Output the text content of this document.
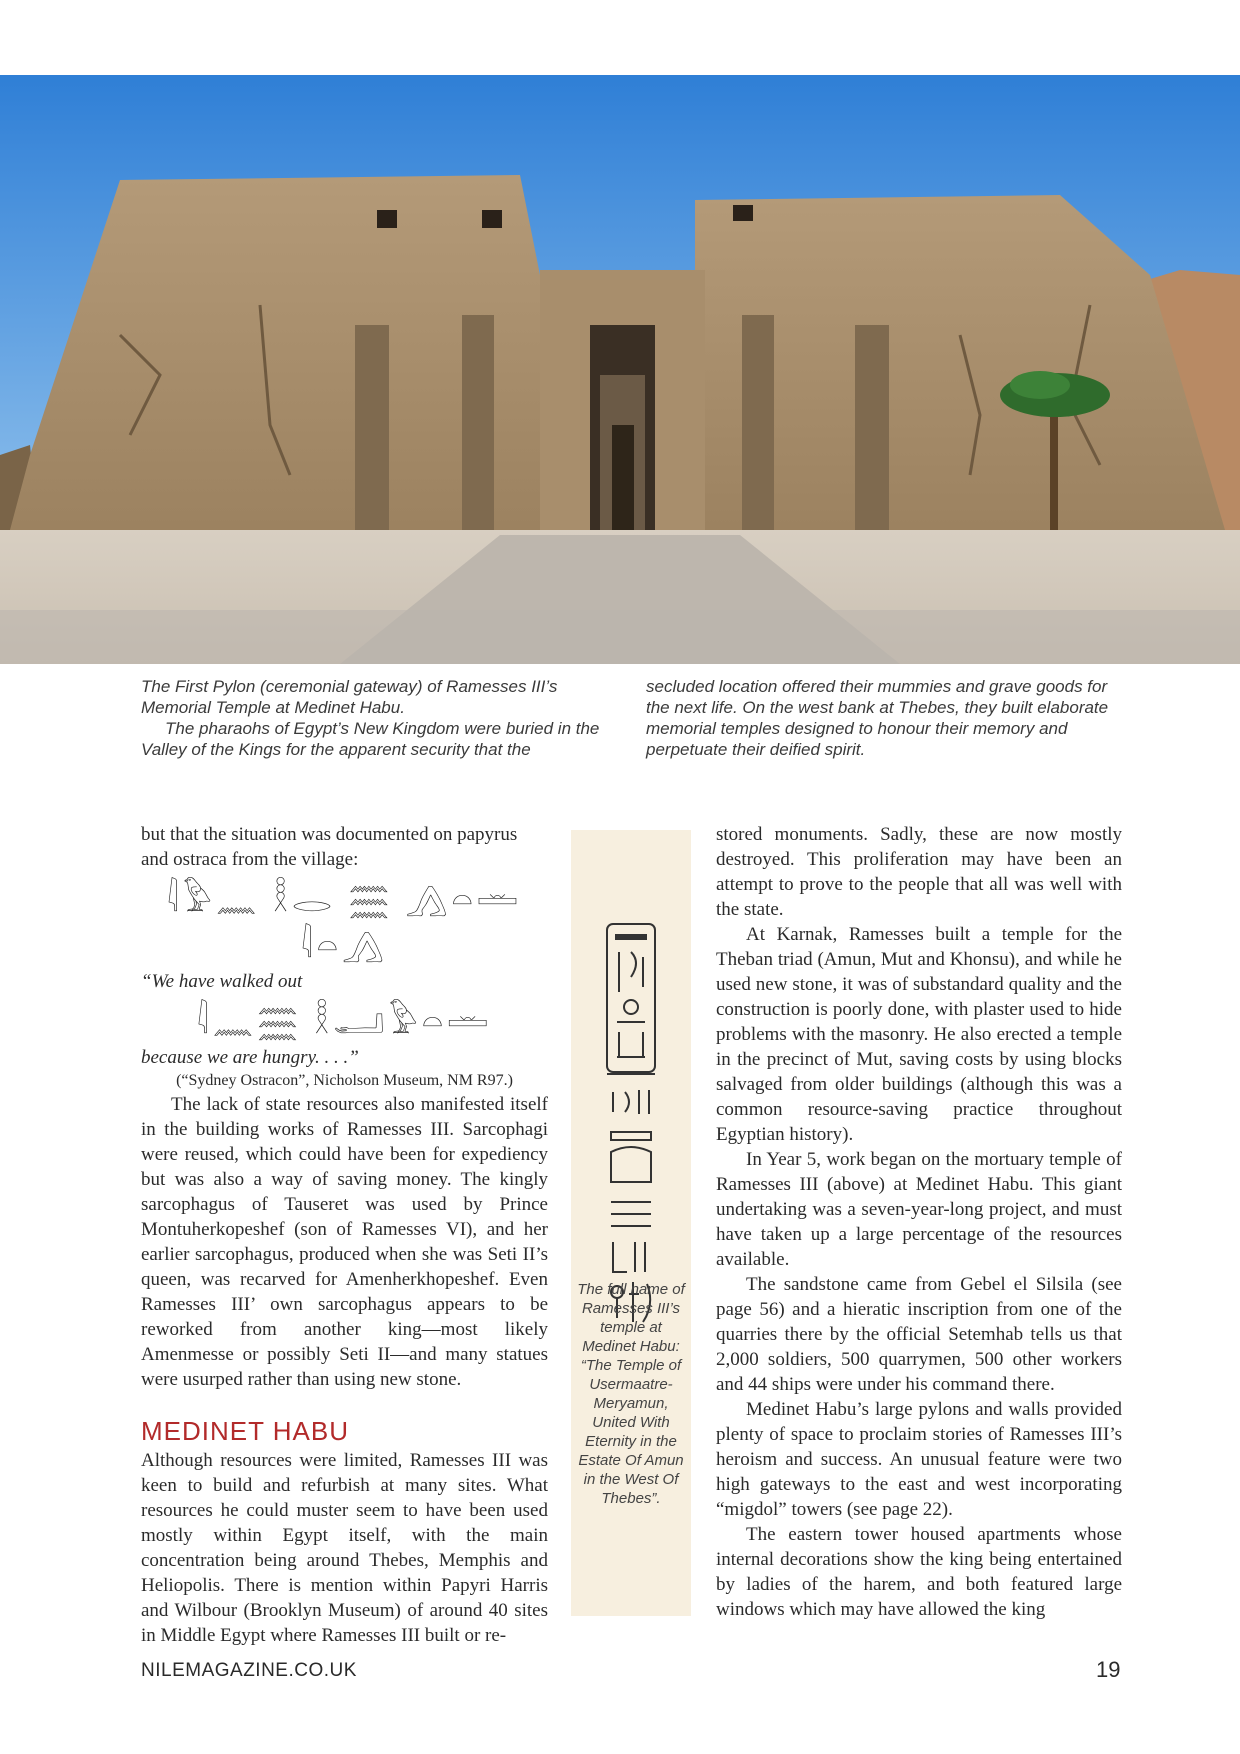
The First Pylon (ceremonial gateway) of Ramesses III’s Memorial Temple at Medinet Habu.

The pharaohs of Egypt’s New Kingdom were buried in the Valley of the Kings for the apparent security that the

secluded location offered their mummies and grave goods for the next life. On the west bank at Thebes, they built elaborate memorial temples designed to honour their memory and perpetuate their deified spirit.

but that the situation was documented on papyrus and ostraca from the village:

𓇋𓅱𓈖 𓎛𓂋 𓈗 𓂻𓏏𓏛 𓇋𓏏𓂻

“We have walked out

𓇋𓈖𓈗 𓎛𓂝𓅱𓏏𓏛

because we are hungry. . . .”

(“Sydney Ostracon”, Nicholson Museum, NM R97.)

The lack of state resources also manifested itself in the building works of Ramesses III. Sarcophagi were reused, which could have been for expediency but was also a way of saving money. The kingly sarcophagus of Tauseret was used by Prince Montuherkopeshef (son of Ramesses VI), and her earlier sarcophagus, produced when she was Seti II’s queen, was recarved for Amenherkhopeshef. Even Ramesses III’ own sarcophagus appears to be reworked from another king—most likely Amenmesse or possibly Seti II—and many statues were usurped rather than using new stone.

MEDINET HABU

Although resources were limited, Ramesses III was keen to build and refurbish at many sites. What resources he could muster seem to have been used mostly within Egypt itself, with the main concentration being around Thebes, Memphis and Heliopolis. There is mention within Papyri Harris and Wilbour (Brooklyn Museum) of around 40 sites in Middle Egypt where Ramesses III built or re-

The full name of Ramesses III’s temple at Medinet Habu: “The Temple of Usermaatre-Meryamun, United With Eternity in the Estate Of Amun in the West Of Thebes”.

stored monuments. Sadly, these are now mostly destroyed. This proliferation may have been an attempt to prove to the people that all was well with the state.

At Karnak, Ramesses built a temple for the Theban triad (Amun, Mut and Khonsu), and while he used new stone, it was of substandard quality and the construction is poorly done, with plaster used to hide problems with the masonry. He also erected a temple in the precinct of Mut, saving costs by using blocks salvaged from older buildings (although this was a common resource-saving practice throughout Egyptian history).

In Year 5, work began on the mortuary temple of Ramesses III (above) at Medinet Habu. This giant undertaking was a seven-year-long project, and must have taken up a large percentage of the resources available.

The sandstone came from Gebel el Silsila (see page 56) and a hieratic inscription from one of the quarries there by the official Setemhab tells us that 2,000 soldiers, 500 quarrymen, 500 other workers and 44 ships were under his command there.

Medinet Habu’s large pylons and walls provided plenty of space to proclaim stories of Ramesses III’s heroism and success. An unusual feature were two high gateways to the east and west incorporating “migdol” towers (see page 22).

The eastern tower housed apartments whose internal decorations show the king being entertained by ladies of the harem, and both featured large windows which may have allowed the king

NILEMAGAZINE.CO.UK	19
